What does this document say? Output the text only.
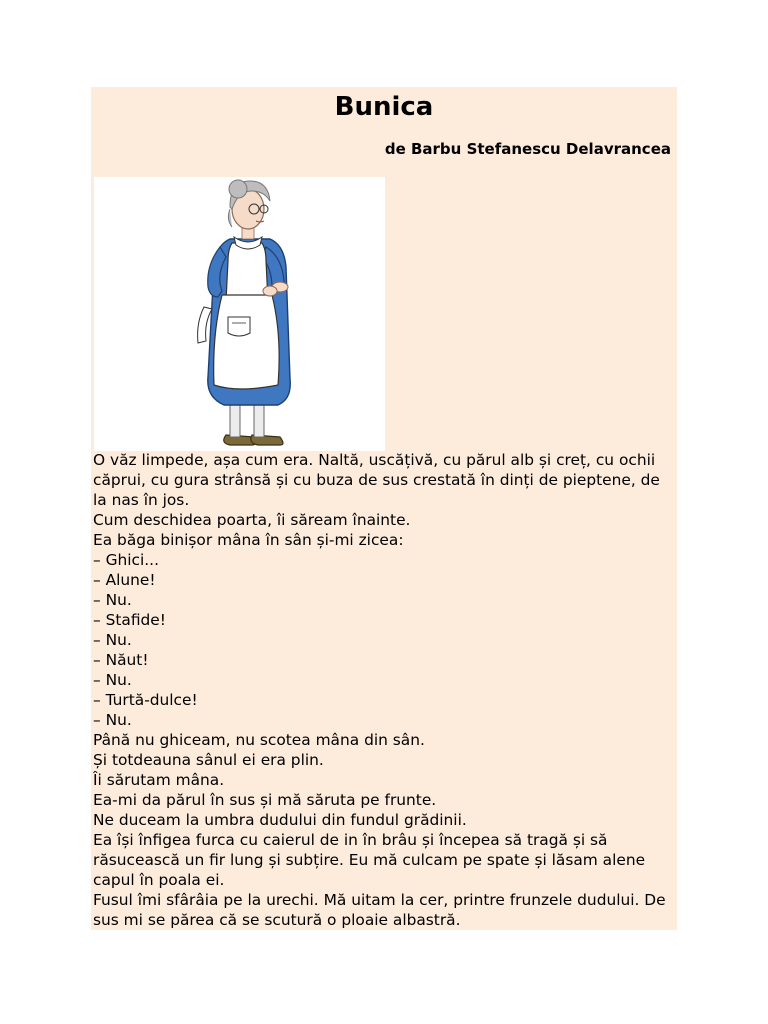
Bunica
de Barbu Stefanescu Delavrancea

O văz limpede, așa cum era. Naltă, uscățivă, cu părul alb și creț, cu ochii căprui, cu gura strânsă și cu buza de sus crestată în dinți de pieptene, de la nas în jos.

Cum deschidea poarta, îi săream înainte.

Ea băga binișor mâna în sân și-mi zicea:

– Ghici...

– Alune!

– Nu.

– Stafide!

– Nu.

– Năut!

– Nu.

– Turtă-dulce!

– Nu.

Până nu ghiceam, nu scotea mâna din sân.

Și totdeauna sânul ei era plin.

Îi sărutam mâna.

Ea-mi da părul în sus și mă săruta pe frunte.

Ne duceam la umbra dudului din fundul grădinii.

Ea își înfigea furca cu caierul de in în brâu și începea să tragă și să răsucească un fir lung și subțire. Eu mă culcam pe spate și lăsam alene capul în poala ei.

Fusul îmi sfârâia pe la urechi. Mă uitam la cer, printre frunzele dudului. De sus mi se părea că se scutură o ploaie albastră.
